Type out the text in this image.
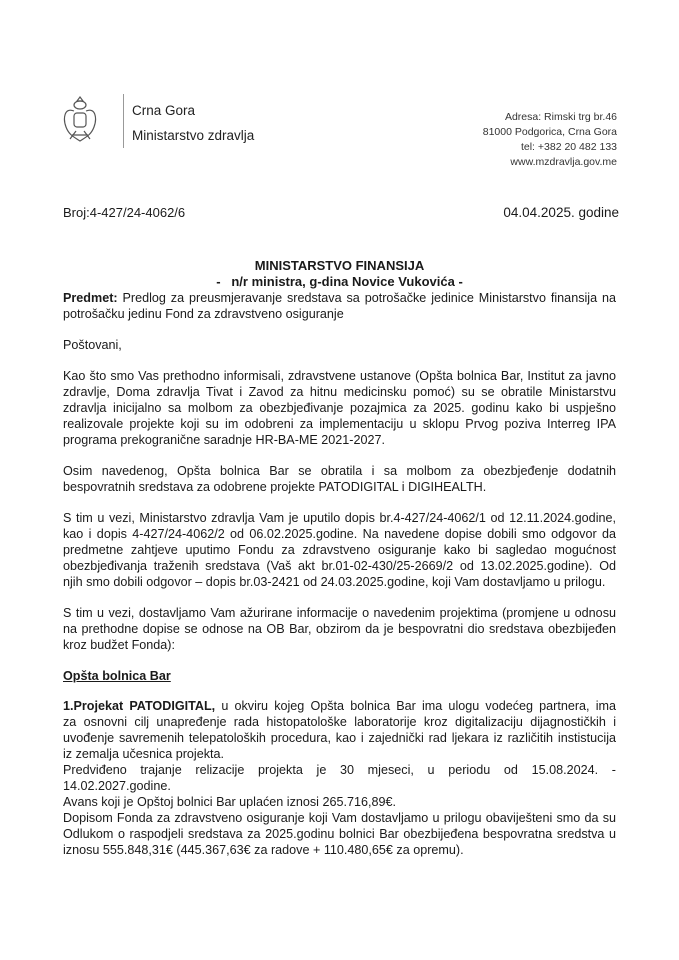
Crna Gora
Ministarstvo zdravlja
Adresa: Rimski trg br.46
81000 Podgorica, Crna Gora
tel: +382 20 482 133
www.mzdravlja.gov.me
Broj:4-427/24-4062/6	04.04.2025. godine
MINISTARSTVO FINANSIJA
-   n/r ministra, g-dina Novice Vukovića -
Predmet: Predlog za preusmjeravanje sredstava sa potrošačke jedinice Ministarstvo finansija na
potrošačku jedinu Fond za zdravstveno osiguranje
Poštovani,
Kao što smo Vas prethodno informisali, zdravstvene ustanove (Opšta bolnica Bar, Institut za javno
zdravlje, Doma zdravlja Tivat i Zavod za hitnu medicinsku pomoć) su se obratile Ministarstvu
zdravlja inicijalno sa molbom za obezbjeđivanje pozajmica za 2025. godinu kako bi uspješno
realizovale projekte koji su im odobreni za implementaciju u sklopu Prvog poziva Interreg IPA
programa prekogranične saradnje HR-BA-ME 2021-2027.
Osim navedenog, Opšta bolnica Bar se obratila i sa molbom za obezbjeđenje dodatnih
bespovratnih sredstava za odobrene projekte PATODIGITAL i DIGIHEALTH.
S tim u vezi, Ministarstvo zdravlja Vam je uputilo dopis br.4-427/24-4062/1 od 12.11.2024.godine,
kao i dopis 4-427/24-4062/2 od 06.02.2025.godine. Na navedene dopise dobili smo odgovor da
predmetne zahtjeve uputimo Fondu za zdravstveno osiguranje kako bi sagledao mogućnost
obezbjeđivanja traženih sredstava (Vaš akt br.01-02-430/25-2669/2 od 13.02.2025.godine). Od
njih smo dobili odgovor – dopis br.03-2421 od 24.03.2025.godine, koji Vam dostavljamo u prilogu.
S tim u vezi, dostavljamo Vam ažurirane informacije o navedenim projektima (promjene u odnosu
na prethodne dopise se odnose na OB Bar, obzirom da je bespovratni dio sredstava obezbijeđen
kroz budžet Fonda):
Opšta bolnica Bar
1.Projekat PATODIGITAL, u okviru kojeg Opšta bolnica Bar ima ulogu vodećeg partnera, ima
za osnovni cilj unapređenje rada histopatološke laboratorije kroz digitalizaciju dijagnostičkih i
uvođenje savremenih telepatoloških procedura, kao i zajednički rad ljekara iz različitih instistucija
iz zemalja učesnica projekta.
Predviđeno trajanje relizacije projekta je 30 mjeseci, u periodu od 15.08.2024. -
14.02.2027.godine.
Avans koji je Opštoj bolnici Bar uplaćen iznosi 265.716,89€.
Dopisom Fonda za zdravstveno osiguranje koji Vam dostavljamo u prilogu obaviješteni smo da su
Odlukom o raspodjeli sredstava za 2025.godinu bolnici Bar obezbijeđena bespovratna sredstva u
iznosu 555.848,31€ (445.367,63€ za radove + 110.480,65€ za opremu).
